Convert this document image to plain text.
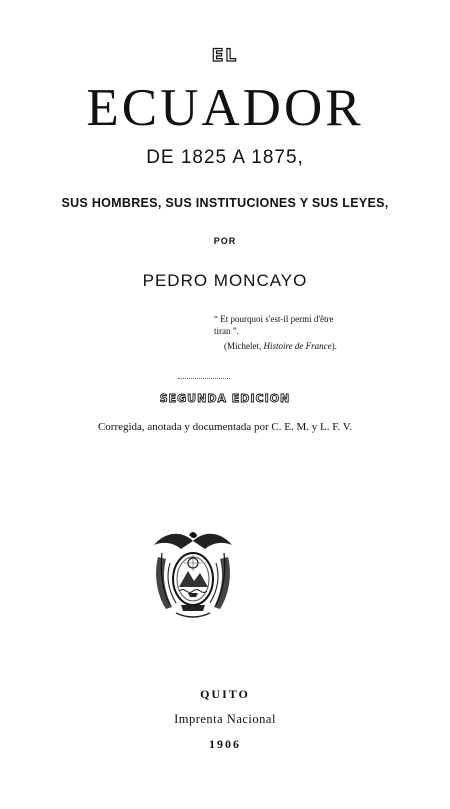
EL
ECUADOR
DE 1825 A 1875,
SUS HOMBRES, SUS INSTITUCIONES Y SUS LEYES,
POR
PEDRO MONCAYO
“ Et pourquoi s'est-il permi d'être
tiran ”.
(Michelet, Histoire de France).
SEGUNDA EDICION
Corregida, anotada y documentada por C. E. M. y L. F. V.
QUITO
Imprenta Nacional
1906
